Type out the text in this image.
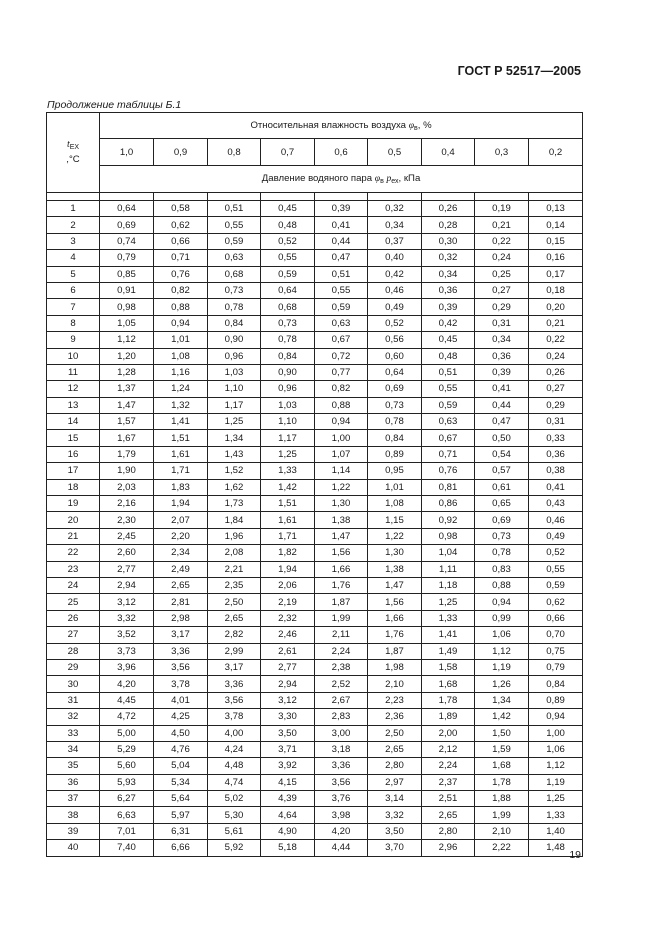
ГОСТ Р 52517—2005
Продолжение таблицы Б.1
$t_{ЕХ}$
,°С	Относительная влажность воздуха $\varphi_в$, %								
	1,0	0,9	0,8	0,7	0,6	0,5	0,4	0,3	0,2
	Давление водяного пара $\varphi_в$ $p_{ех}$, кПа								

1	0,64	0,58	0,51	0,45	0,39	0,32	0,26	0,19	0,13
2	0,69	0,62	0,55	0,48	0,41	0,34	0,28	0,21	0,14
3	0,74	0,66	0,59	0,52	0,44	0,37	0,30	0,22	0,15
4	0,79	0,71	0,63	0,55	0,47	0,40	0,32	0,24	0,16
5	0,85	0,76	0,68	0,59	0,51	0,42	0,34	0,25	0,17
6	0,91	0,82	0,73	0,64	0,55	0,46	0,36	0,27	0,18
7	0,98	0,88	0,78	0,68	0,59	0,49	0,39	0,29	0,20
8	1,05	0,94	0,84	0,73	0,63	0,52	0,42	0,31	0,21
9	1,12	1,01	0,90	0,78	0,67	0,56	0,45	0,34	0,22
10	1,20	1,08	0,96	0,84	0,72	0,60	0,48	0,36	0,24
11	1,28	1,16	1,03	0,90	0,77	0,64	0,51	0,39	0,26
12	1,37	1,24	1,10	0,96	0,82	0,69	0,55	0,41	0,27
13	1,47	1,32	1,17	1,03	0,88	0,73	0,59	0,44	0,29
14	1,57	1,41	1,25	1,10	0,94	0,78	0,63	0,47	0,31
15	1,67	1,51	1,34	1,17	1,00	0,84	0,67	0,50	0,33
16	1,79	1,61	1,43	1,25	1,07	0,89	0,71	0,54	0,36
17	1,90	1,71	1,52	1,33	1,14	0,95	0,76	0,57	0,38
18	2,03	1,83	1,62	1,42	1,22	1,01	0,81	0,61	0,41
19	2,16	1,94	1,73	1,51	1,30	1,08	0,86	0,65	0,43
20	2,30	2,07	1,84	1,61	1,38	1,15	0,92	0,69	0,46
21	2,45	2,20	1,96	1,71	1,47	1,22	0,98	0,73	0,49
22	2,60	2,34	2,08	1,82	1,56	1,30	1,04	0,78	0,52
23	2,77	2,49	2,21	1,94	1,66	1,38	1,11	0,83	0,55
24	2,94	2,65	2,35	2,06	1,76	1,47	1,18	0,88	0,59
25	3,12	2,81	2,50	2,19	1,87	1,56	1,25	0,94	0,62
26	3,32	2,98	2,65	2,32	1,99	1,66	1,33	0,99	0,66
27	3,52	3,17	2,82	2,46	2,11	1,76	1,41	1,06	0,70
28	3,73	3,36	2,99	2,61	2,24	1,87	1,49	1,12	0,75
29	3,96	3,56	3,17	2,77	2,38	1,98	1,58	1,19	0,79
30	4,20	3,78	3,36	2,94	2,52	2,10	1,68	1,26	0,84
31	4,45	4,01	3,56	3,12	2,67	2,23	1,78	1,34	0,89
32	4,72	4,25	3,78	3,30	2,83	2,36	1,89	1,42	0,94
33	5,00	4,50	4,00	3,50	3,00	2,50	2,00	1,50	1,00
34	5,29	4,76	4,24	3,71	3,18	2,65	2,12	1,59	1,06
35	5,60	5,04	4,48	3,92	3,36	2,80	2,24	1,68	1,12
36	5,93	5,34	4,74	4,15	3,56	2,97	2,37	1,78	1,19
37	6,27	5,64	5,02	4,39	3,76	3,14	2,51	1,88	1,25
38	6,63	5,97	5,30	4,64	3,98	3,32	2,65	1,99	1,33
39	7,01	6,31	5,61	4,90	4,20	3,50	2,80	2,10	1,40
40	7,40	6,66	5,92	5,18	4,44	3,70	2,96	2,22	1,48
19
